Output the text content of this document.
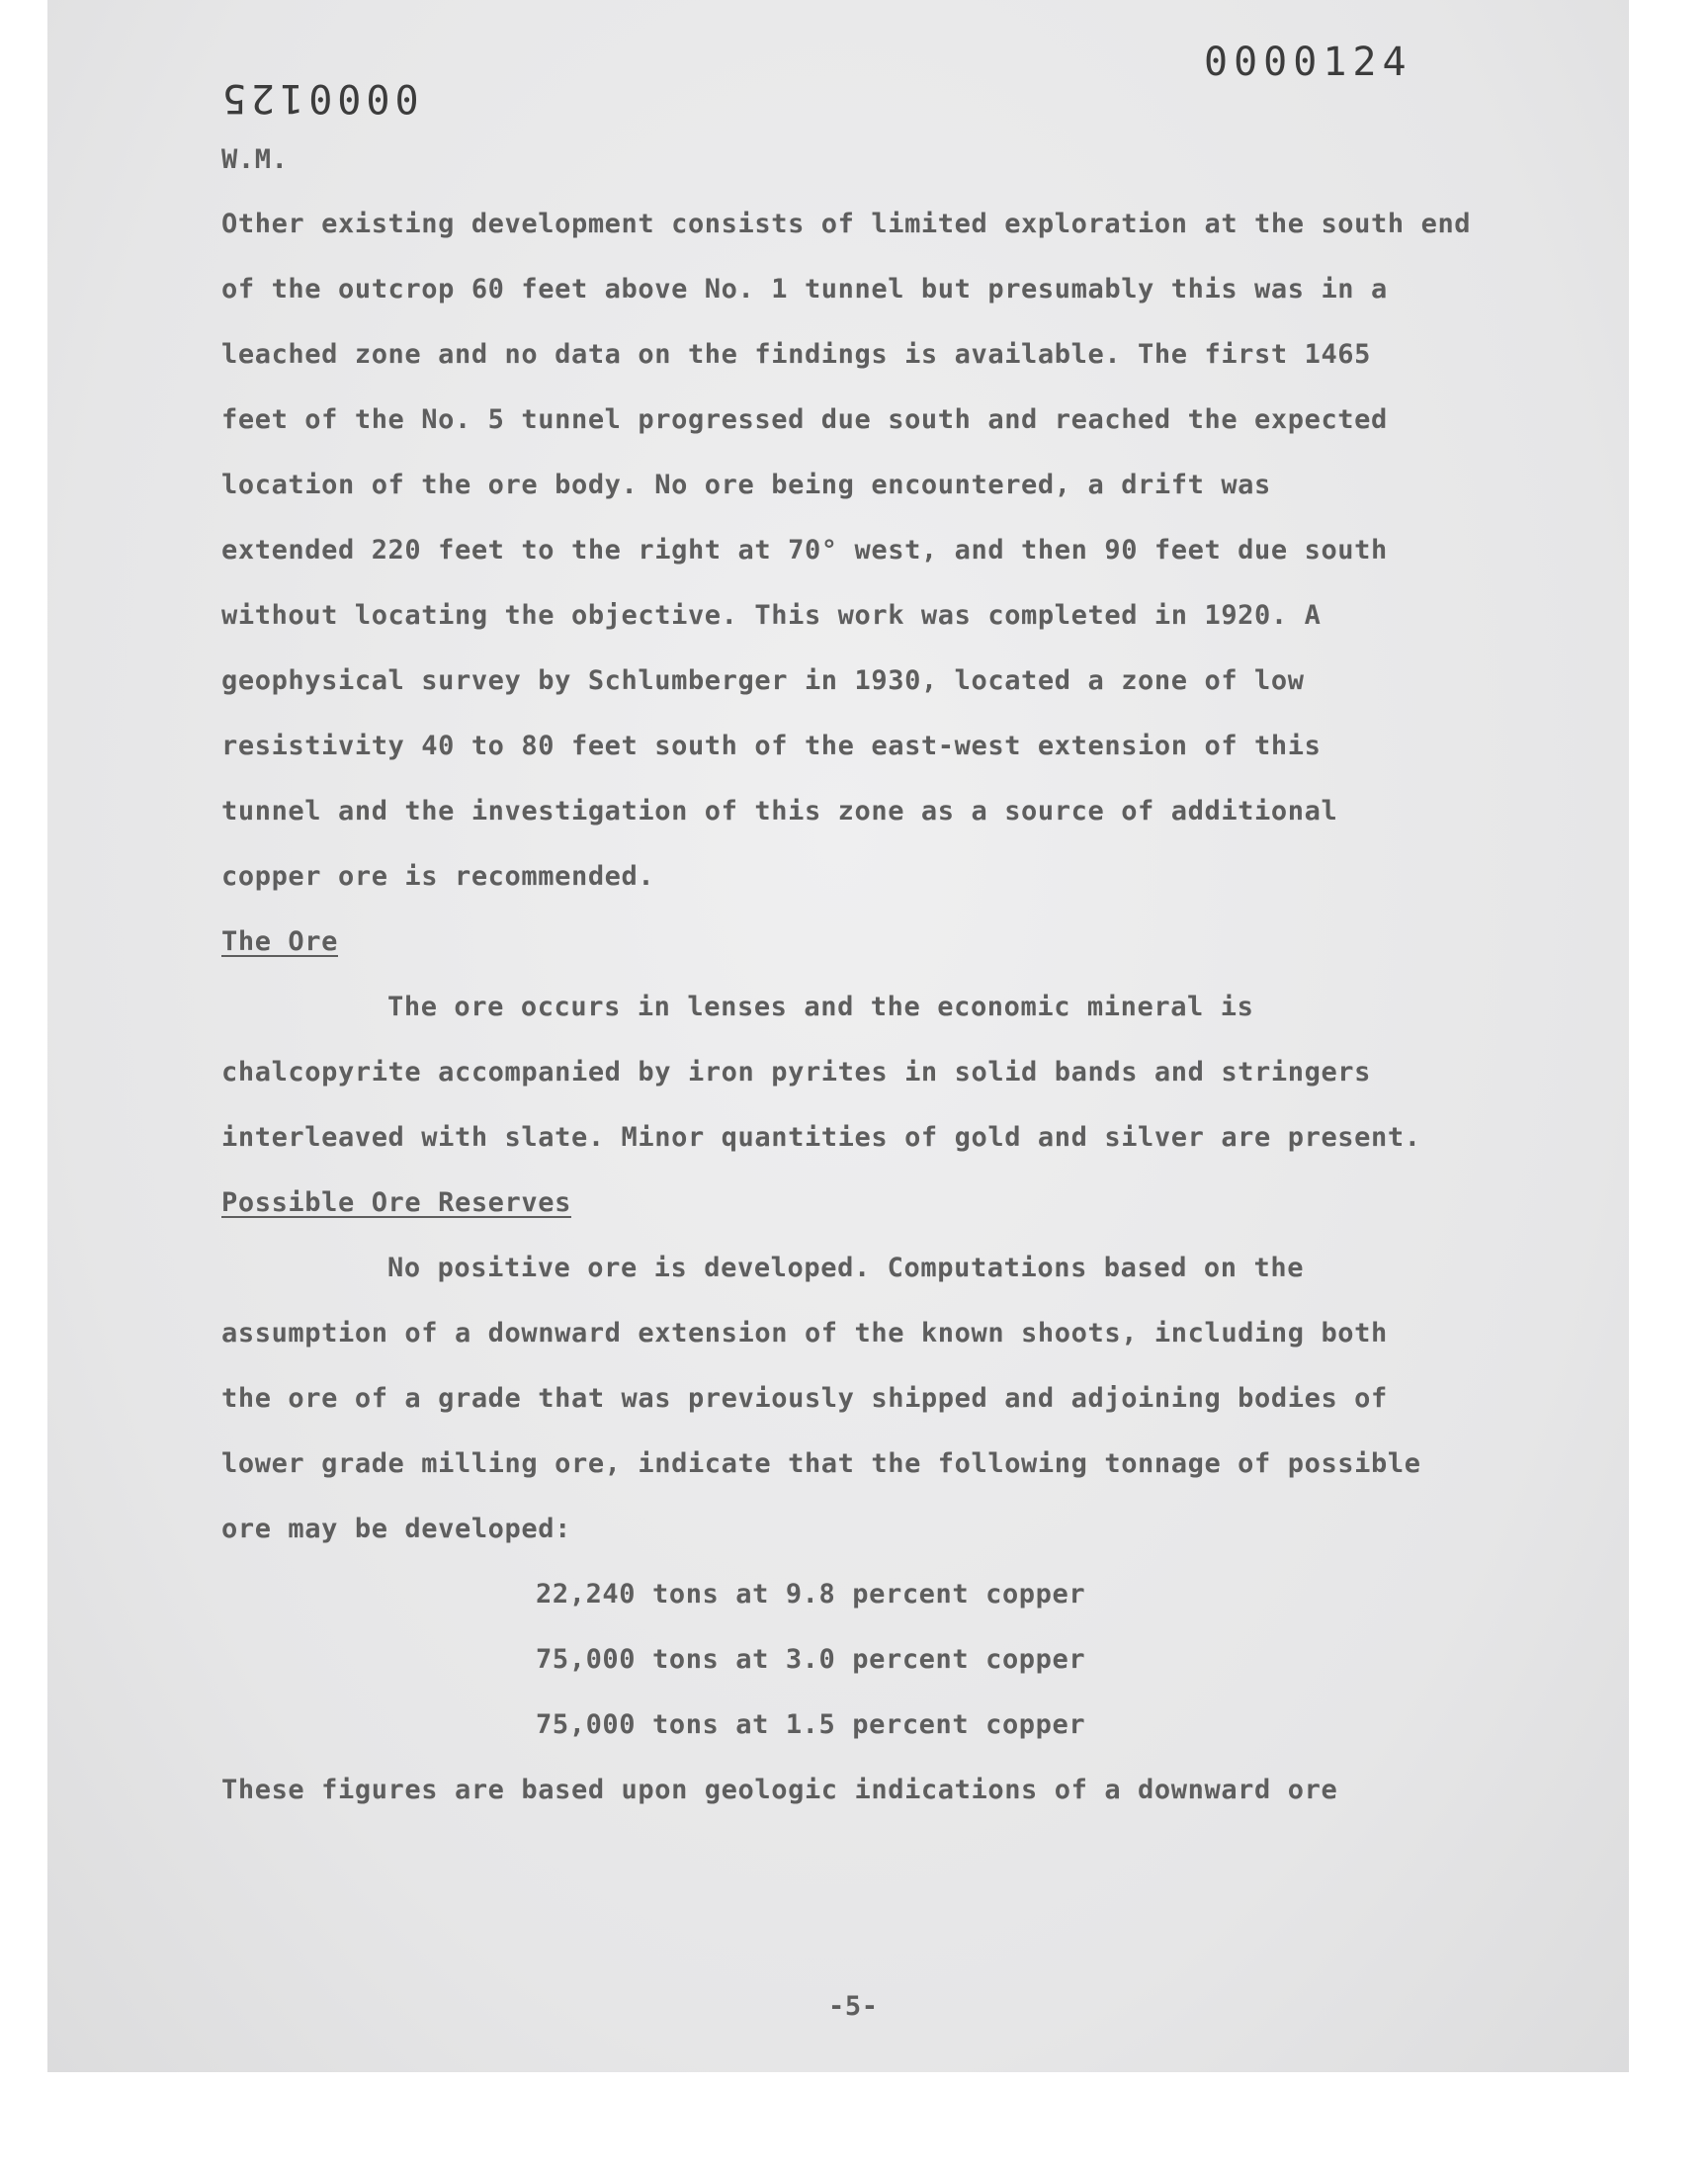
0000124
0000125

W.M.

Other existing development consists of limited exploration at the south end

of the outcrop 60 feet above No. 1 tunnel but presumably this was in a

leached zone and no data on the findings is available. The first 1465

feet of the No. 5 tunnel progressed due south and reached the expected

location of the ore body. No ore being encountered, a drift was

extended 220 feet to the right at 70° west, and then 90 feet due south

without locating the objective. This work was completed in 1920. A

geophysical survey by Schlumberger in 1930, located a zone of low

resistivity 40 to 80 feet south of the east-west extension of this

tunnel and the investigation of this zone as a source of additional

copper ore is recommended.

The Ore

The ore occurs in lenses and the economic mineral is

chalcopyrite accompanied by iron pyrites in solid bands and stringers

interleaved with slate. Minor quantities of gold and silver are present.

Possible Ore Reserves

No positive ore is developed. Computations based on the

assumption of a downward extension of the known shoots, including both

the ore of a grade that was previously shipped and adjoining bodies of

lower grade milling ore, indicate that the following tonnage of possible

ore may be developed:

22,240 tons at 9.8 percent copper

75,000 tons at 3.0 percent copper

75,000 tons at 1.5 percent copper

These figures are based upon geologic indications of a downward ore

-5-
